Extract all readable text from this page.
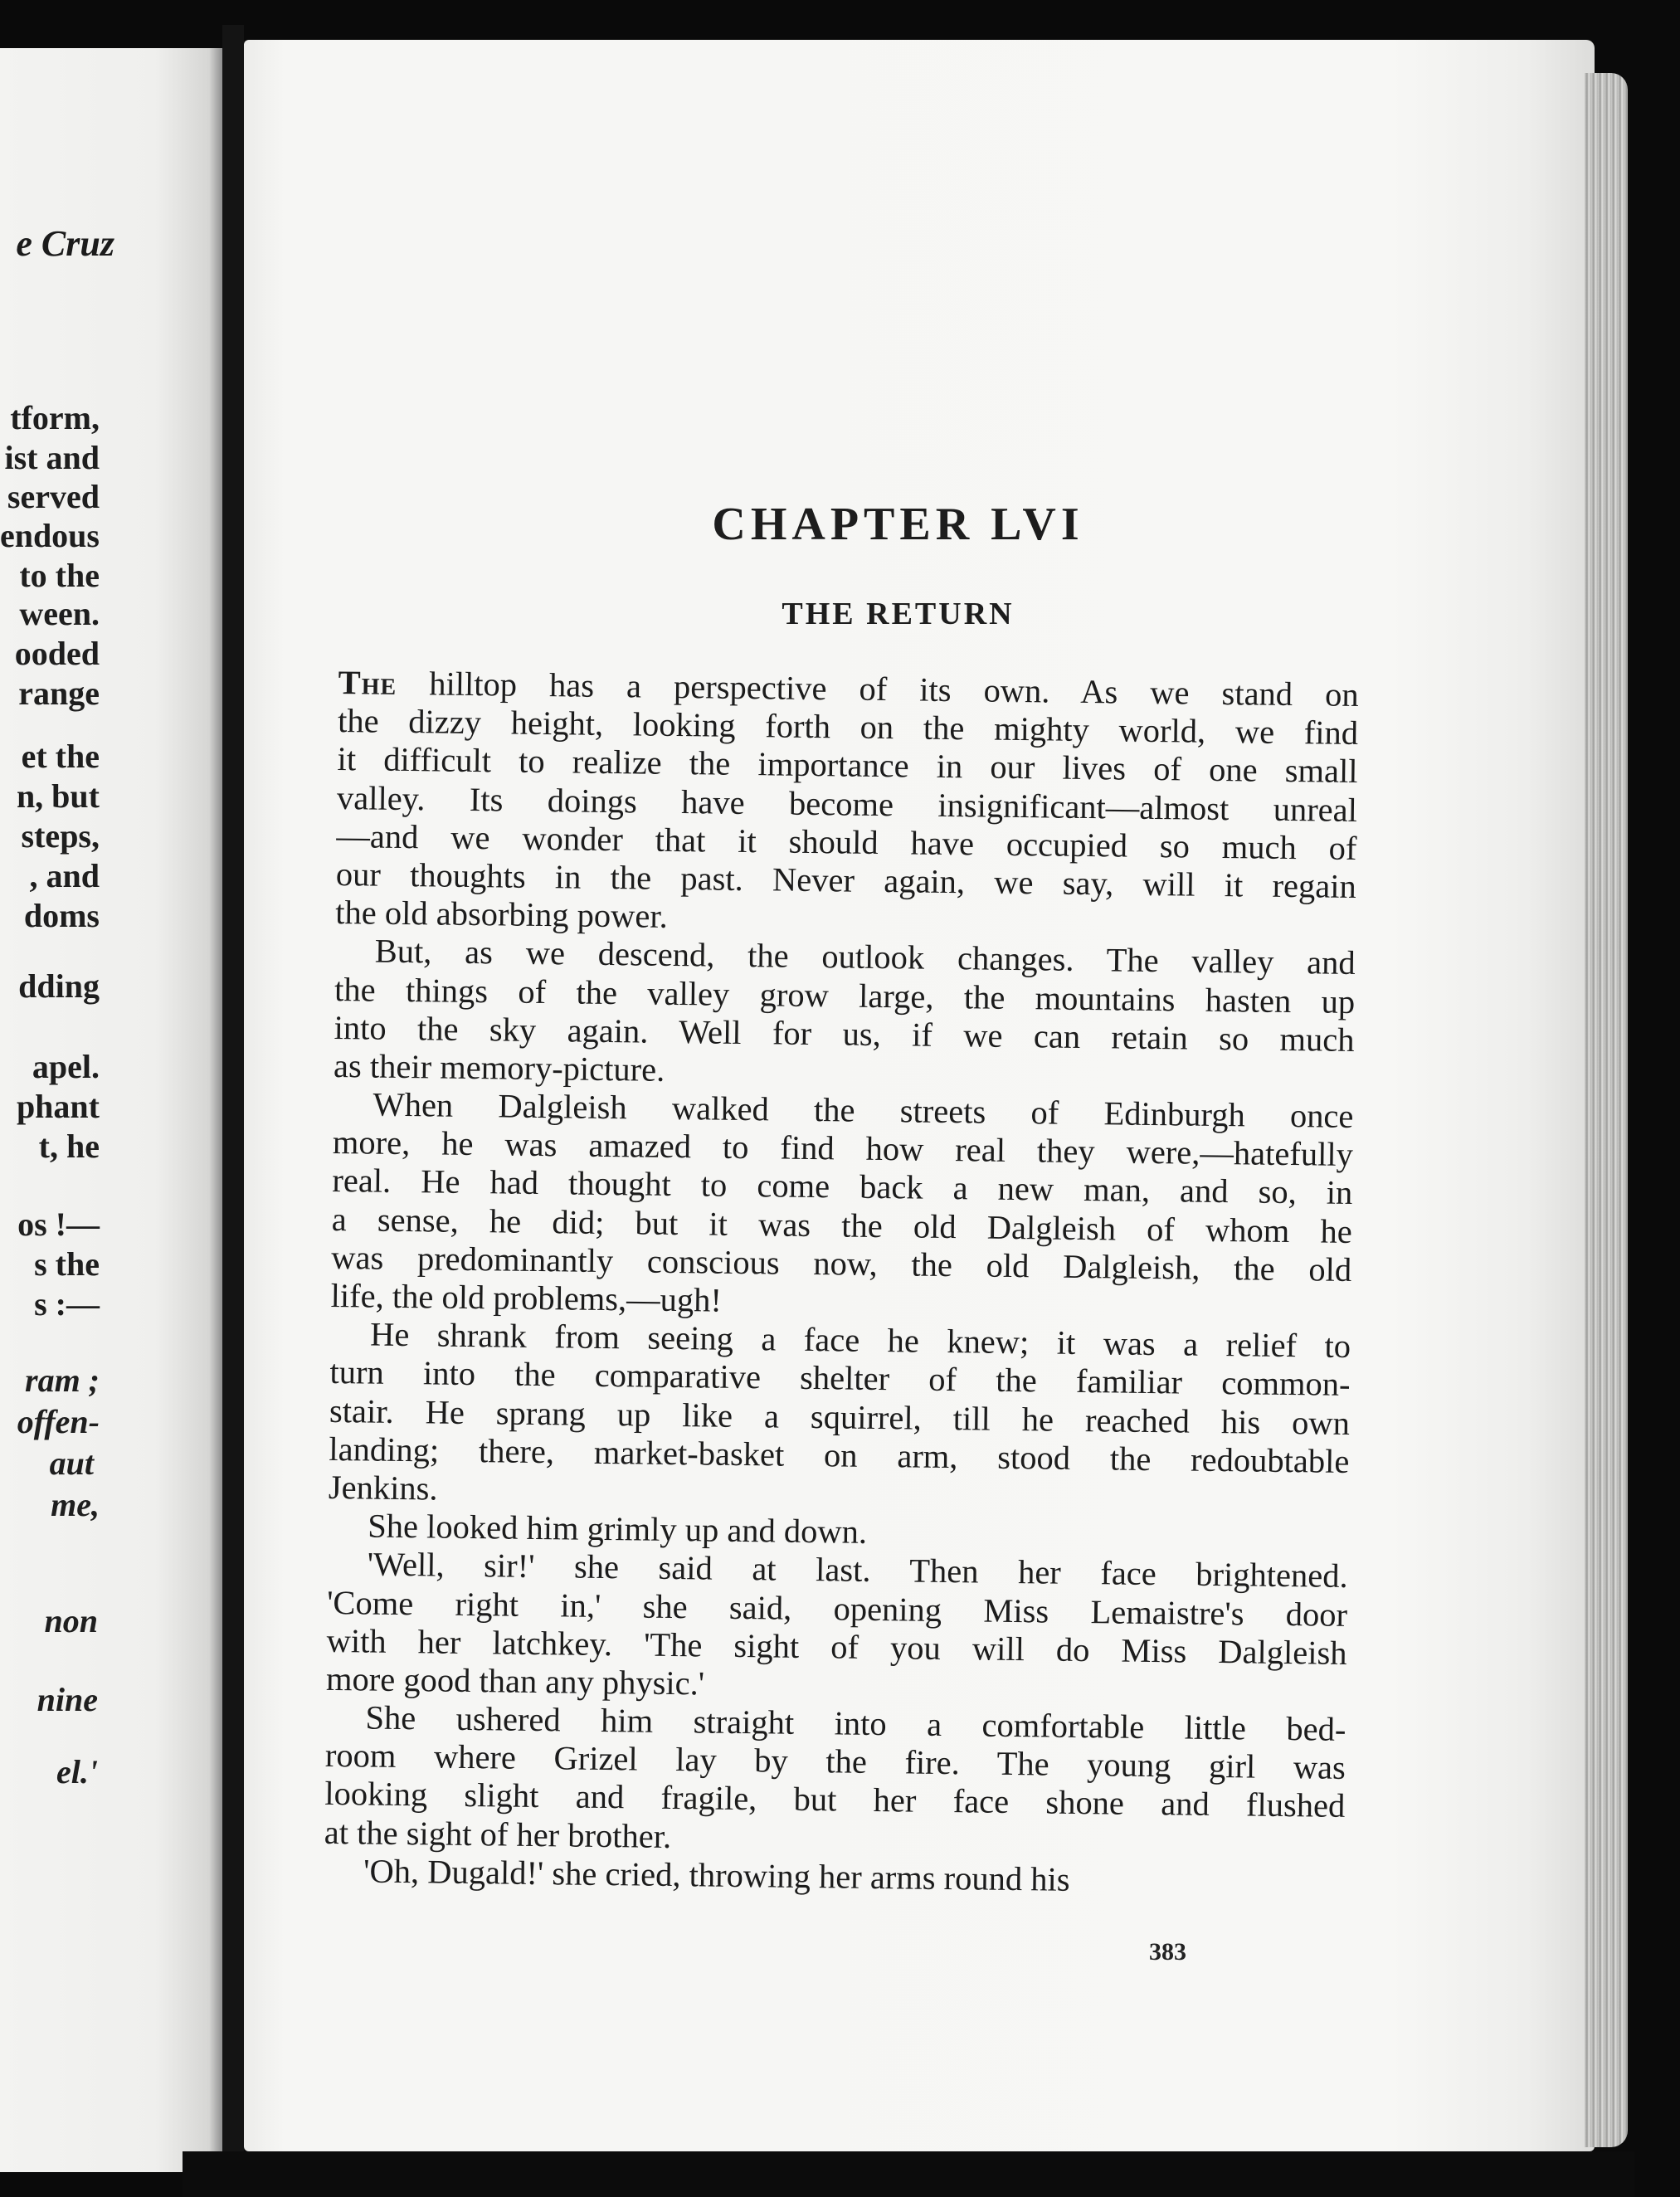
e Cruz
tform,
ist and
served
endous
to the
ween.
ooded
range
et the
n, but
steps,
, and
doms
dding
apel.
phant
t, he
os !—
s the
s :—
ram ;
offen-
aut
me,
non
nine
el.'
CHAPTER LVI
THE RETURN
The hilltop has a perspective of its own. As we stand on
the dizzy height, looking forth on the mighty world, we find
it difficult to realize the importance in our lives of one small
valley. Its doings have become insignificant—almost unreal
—and we wonder that it should have occupied so much of
our thoughts in the past. Never again, we say, will it regain
the old absorbing power.
But, as we descend, the outlook changes. The valley and
the things of the valley grow large, the mountains hasten up
into the sky again. Well for us, if we can retain so much
as their memory-picture.
When Dalgleish walked the streets of Edinburgh once
more, he was amazed to find how real they were,—hatefully
real. He had thought to come back a new man, and so, in
a sense, he did; but it was the old Dalgleish of whom he
was predominantly conscious now, the old Dalgleish, the old
life, the old problems,—ugh!
He shrank from seeing a face he knew; it was a relief to
turn into the comparative shelter of the familiar common-
stair. He sprang up like a squirrel, till he reached his own
landing; there, market-basket on arm, stood the redoubtable
Jenkins.
She looked him grimly up and down.
'Well, sir!' she said at last. Then her face brightened.
'Come right in,' she said, opening Miss Lemaistre's door
with her latchkey. 'The sight of you will do Miss Dalgleish
more good than any physic.'
She ushered him straight into a comfortable little bed-
room where Grizel lay by the fire. The young girl was
looking slight and fragile, but her face shone and flushed
at the sight of her brother.
'Oh, Dugald!' she cried, throwing her arms round his
383
